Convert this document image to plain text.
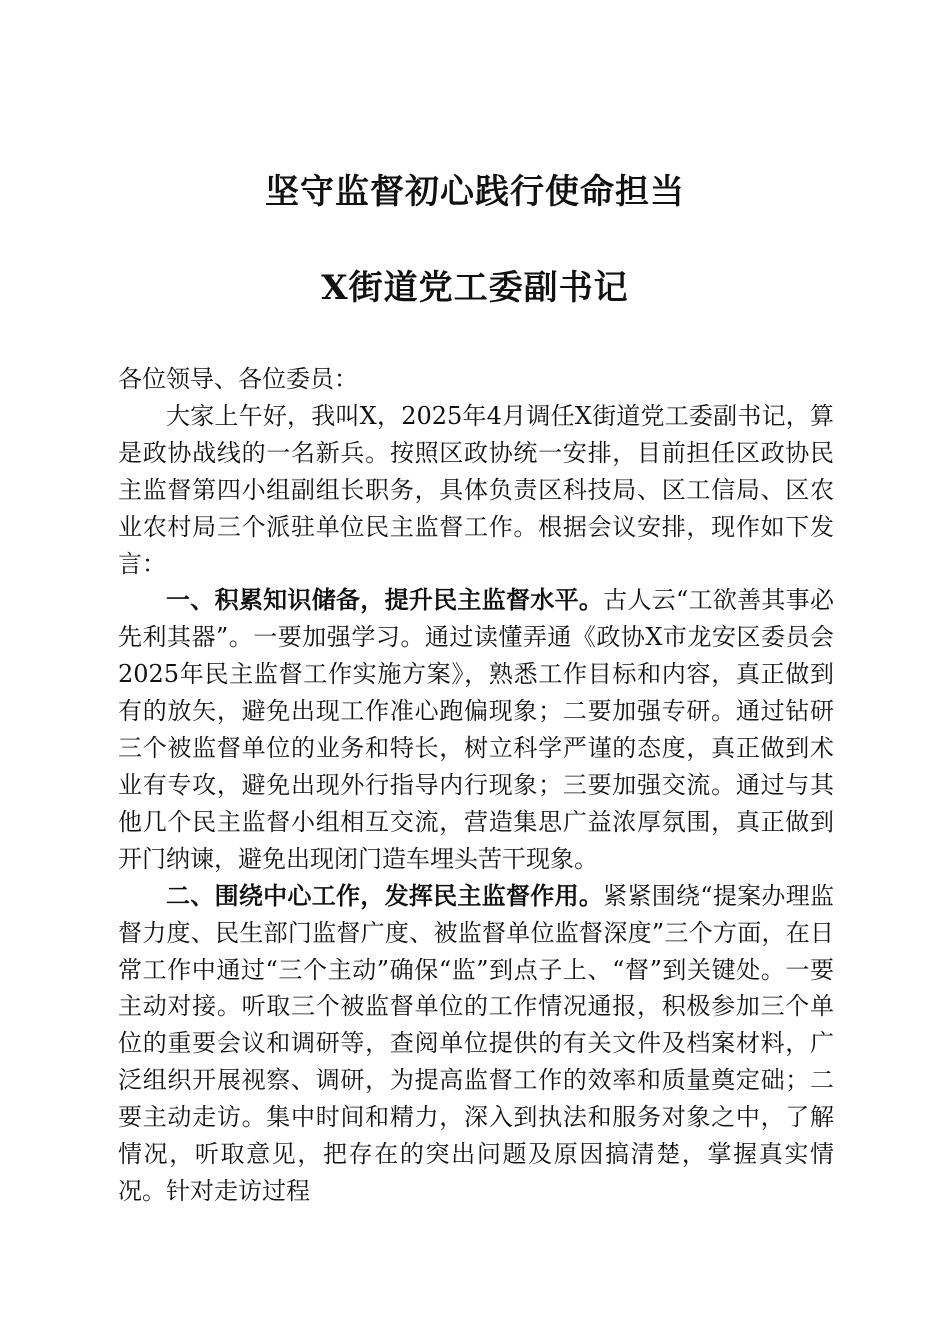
坚守监督初心践行使命担当
X街道党工委副书记

各位领导、各位委员：

大家上午好，我叫X，2025年4月调任X街道党工委副书记，算是政协战线的一名新兵。按照区政协统一安排，目前担任区政协民主监督第四小组副组长职务，具体负责区科技局、区工信局、区农业农村局三个派驻单位民主监督工作。根据会议安排，现作如下发言：

一、积累知识储备，提升民主监督水平。古人云“工欲善其事必先利其器”。一要加强学习。通过读懂弄通《政协X市龙安区委员会2025年民主监督工作实施方案》，熟悉工作目标和内容，真正做到有的放矢，避免出现工作准心跑偏现象；二要加强专研。通过钻研三个被监督单位的业务和特长，树立科学严谨的态度，真正做到术业有专攻，避免出现外行指导内行现象；三要加强交流。通过与其他几个民主监督小组相互交流，营造集思广益浓厚氛围，真正做到开门纳谏，避免出现闭门造车埋头苦干现象。

二、围绕中心工作，发挥民主监督作用。紧紧围绕“提案办理监督力度、民生部门监督广度、被监督单位监督深度”三个方面，在日常工作中通过“三个主动”确保“监”到点子上、“督”到关键处。一要主动对接。听取三个被监督单位的工作情况通报，积极参加三个单位的重要会议和调研等，查阅单位提供的有关文件及档案材料，广泛组织开展视察、调研，为提高监督工作的效率和质量奠定础；二要主动走访。集中时间和精力，深入到执法和服务对象之中，了解情况，听取意见，把存在的突出问题及原因搞清楚，掌握真实情况。针对走访过程
